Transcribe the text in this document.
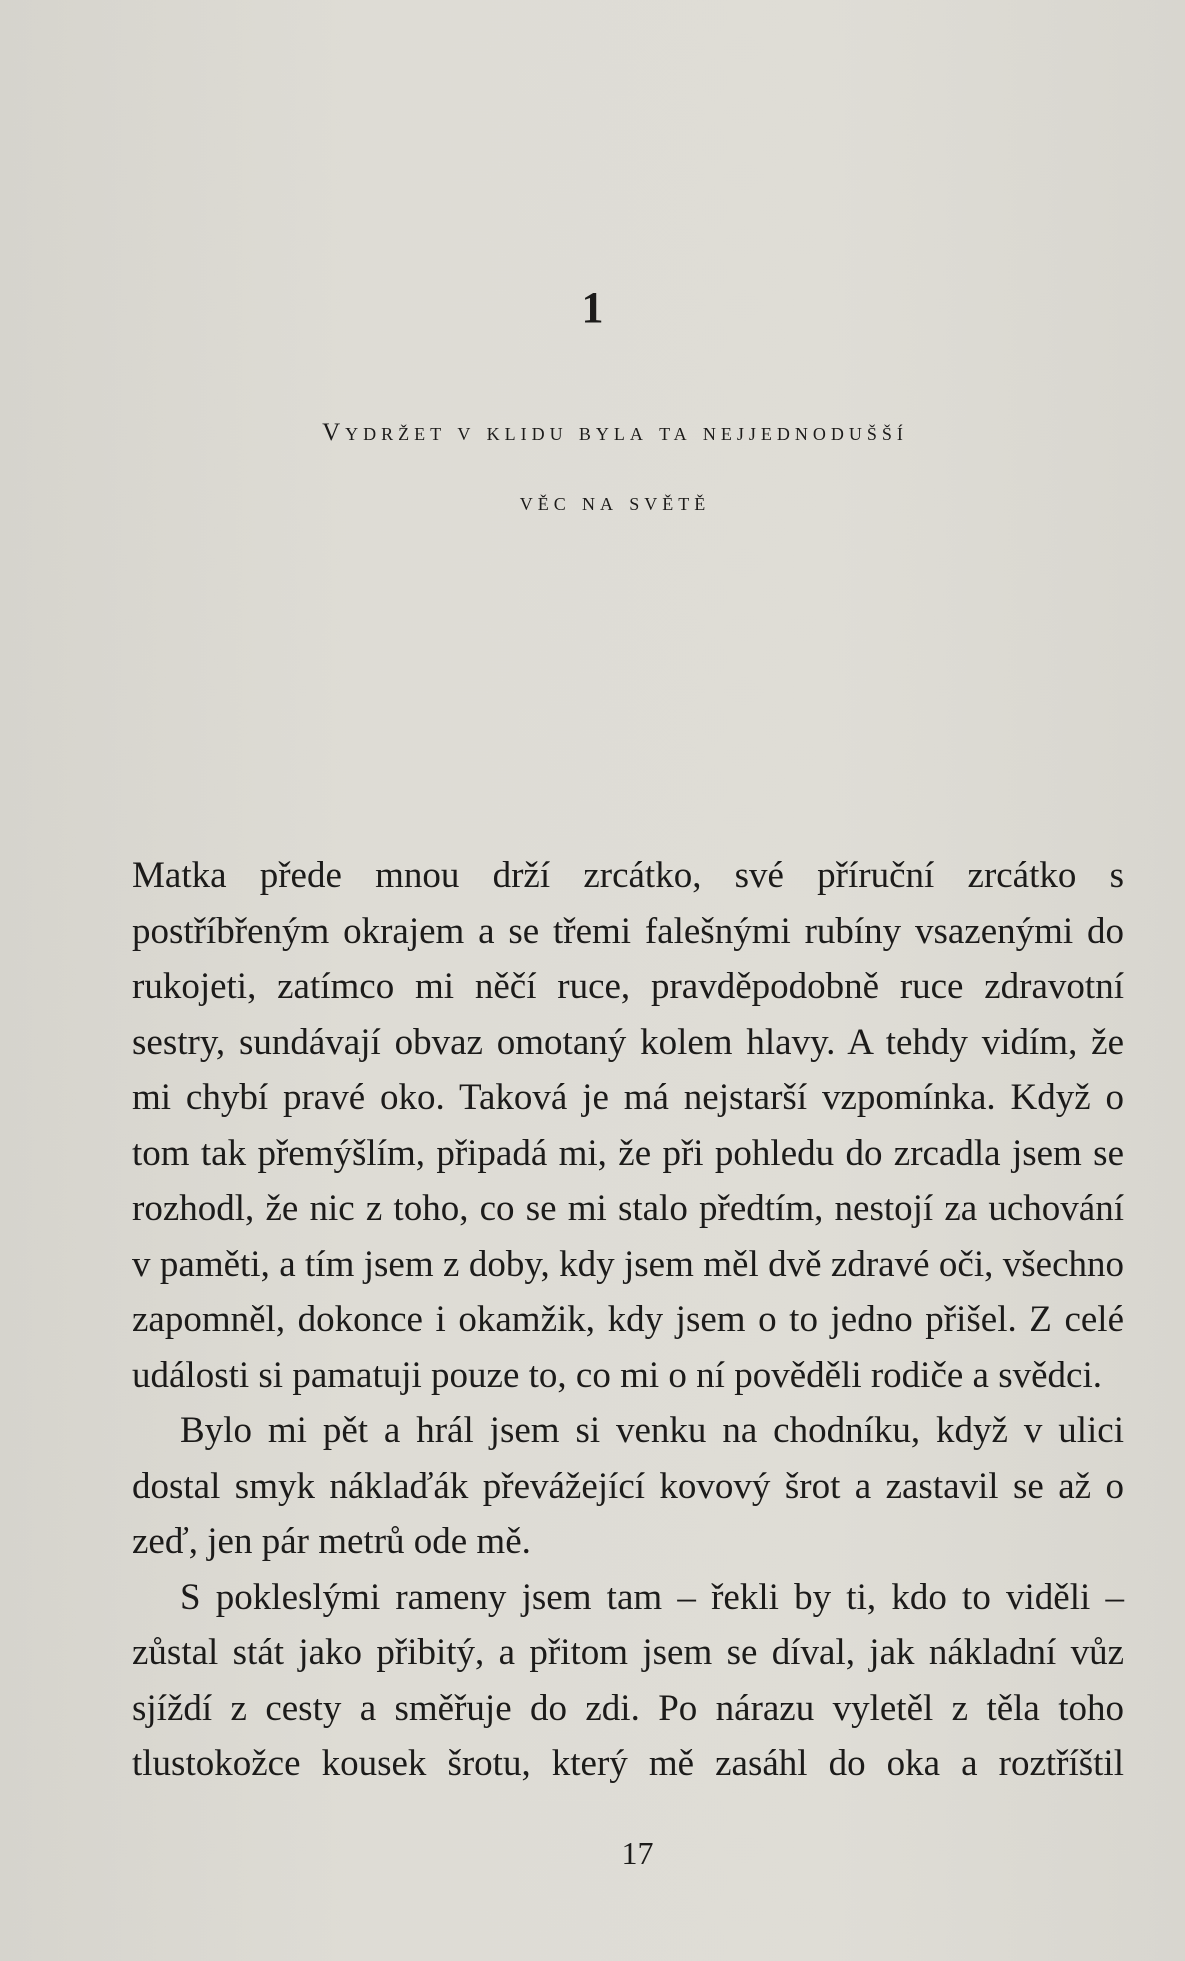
1
Vydržet v klidu byla ta nejjednodušší
věc na světě

Matka přede mnou drží zrcátko, své příruční zrcátko s postříbřeným okrajem a se třemi falešnými rubíny vsazenými do rukojeti, zatímco mi něčí ruce, pravděpodobně ruce zdravotní sestry, sundávají obvaz omotaný kolem hlavy. A tehdy vidím, že mi chybí pravé oko. Taková je má nejstarší vzpomínka. Když o tom tak přemýšlím, připadá mi, že při pohledu do zrcadla jsem se rozhodl, že nic z toho, co se mi stalo předtím, nestojí za uchování v paměti, a tím jsem z doby, kdy jsem měl dvě zdravé oči, všechno zapomněl, dokonce i okamžik, kdy jsem o to jedno přišel. Z celé události si pamatuji pouze to, co mi o ní pověděli rodiče a svědci.

Bylo mi pět a hrál jsem si venku na chodníku, když v ulici dostal smyk náklaďák převážející kovový šrot a zastavil se až o zeď, jen pár metrů ode mě.

S pokleslými rameny jsem tam – řekli by ti, kdo to viděli – zůstal stát jako přibitý, a přitom jsem se díval, jak nákladní vůz sjíždí z cesty a směřuje do zdi. Po nárazu vyletěl z těla toho tlustokožce kousek šrotu, který mě zasáhl do oka a roztříštil

17
